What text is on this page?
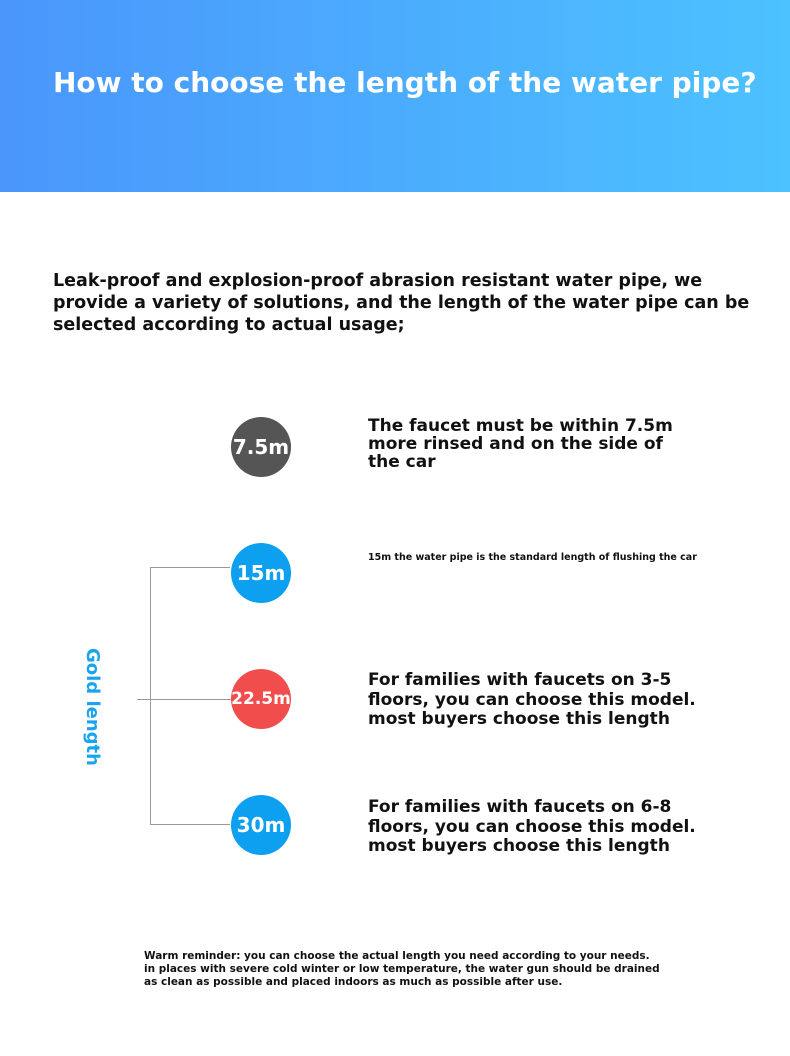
How to choose the length of the water pipe?
Leak-proof and explosion-proof abrasion resistant water pipe, we provide a variety of solutions, and the length of the water pipe can be selected according to actual usage;
Gold length
7.5m
The faucet must be within 7.5m more rinsed and on the side of the car
15m
15m the water pipe is the standard length of flushing the car
22.5m
For families with faucets on 3-5 floors, you can choose this model. most buyers choose this length
30m
For families with faucets on 6-8 floors, you can choose this model. most buyers choose this length
Warm reminder: you can choose the actual length you need according to your needs. in places with severe cold winter or low temperature, the water gun should be drained as clean as possible and placed indoors as much as possible after use.
